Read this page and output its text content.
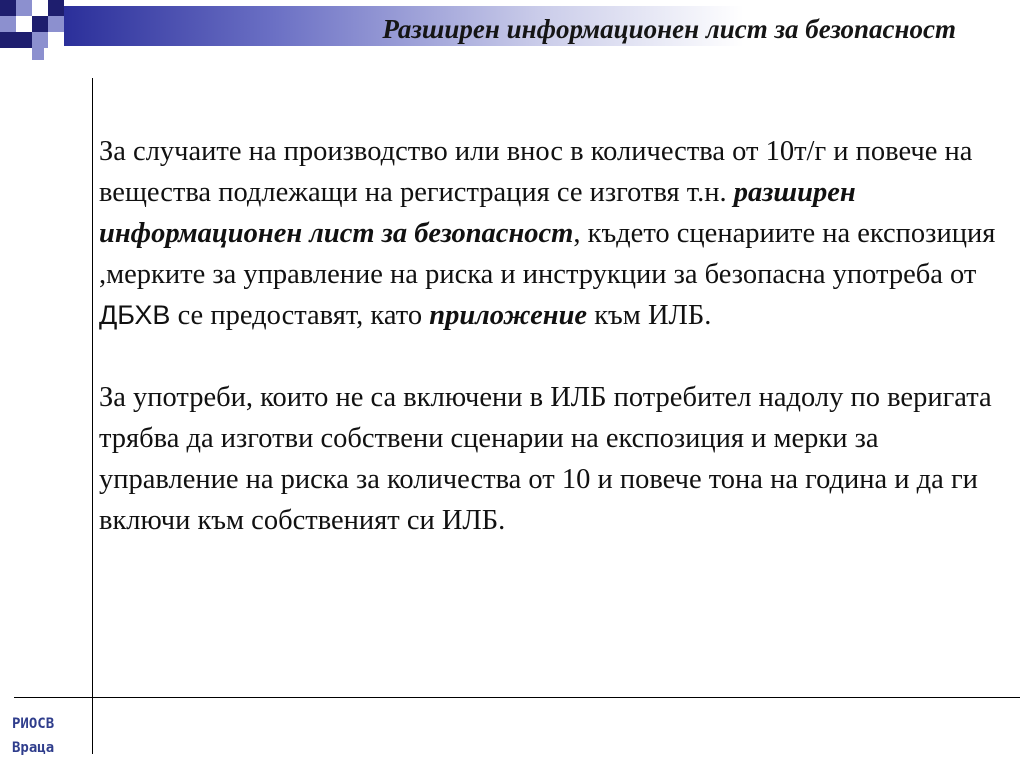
Разширен информационен лист за безопасност

За случаите на производство или внос в количества от 10т/г и повече на вещества подлежащи на регистрация се изготвя т.н. разширен информационен лист за безопасност, където сценариите на експозиция ,мерките за управление на риска и инструкции за безопасна употреба от ДБХВ се предоставят, като приложение към ИЛБ.

За употреби, които не са включени в ИЛБ потребител надолу по веригата трябва да изготви собствени сценарии на експозиция и мерки за управление на риска за количества от 10 и повече тона на година и да ги включи към собственият си ИЛБ.

РИОСВ
Враца
